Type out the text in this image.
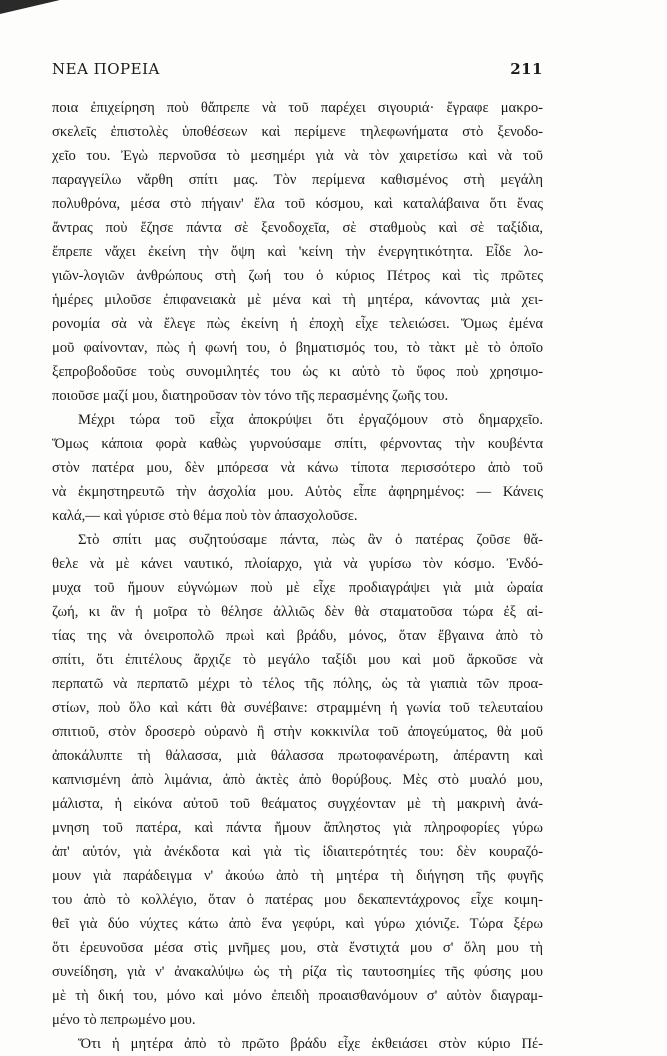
ΝΕΑ ΠΟΡΕΙΑ	211
ποια ἐπιχείρηση ποὺ θἄπρεπε νὰ τοῦ παρέχει σιγουριά· ἔγραφε μακρο-
σκελεῖς ἐπιστολὲς ὑποθέσεων καὶ περίμενε τηλεφωνήματα στὸ ξενοδο-
χεῖο του. Ἐγὼ περνοῦσα τὸ μεσημέρι γιὰ νὰ τὸν χαιρετίσω καὶ νὰ τοῦ
παραγγείλω νἄρθη σπίτι μας. Τὸν περίμενα καθισμένος στὴ μεγάλη
πολυθρόνα, μέσα στὸ πήγαιν' ἔλα τοῦ κόσμου, καὶ καταλάβαινα ὅτι ἕνας
ἄντρας ποὺ ἔζησε πάντα σὲ ξενοδοχεῖα, σὲ σταθμοὺς καὶ σὲ ταξίδια,
ἔπρεπε νἄχει ἐκείνη τὴν ὄψη καὶ 'κείνη τὴν ἐνεργητικότητα. Εἶδε λο-
γιῶν-λογιῶν ἀνθρώπους στὴ ζωή του ὁ κύριος Πέτρος καὶ τὶς πρῶτες
ἡμέρες μιλοῦσε ἐπιφανειακὰ μὲ μένα καὶ τὴ μητέρα, κάνοντας μιὰ χει-
ρονομία σὰ νὰ ἔλεγε πὼς ἐκείνη ἡ ἐποχὴ εἶχε τελειώσει. Ὅμως ἐμένα
μοῦ φαίνονταν, πὼς ἡ φωνή του, ὁ βηματισμός του, τὸ τὰκτ μὲ τὸ ὁποῖο
ξεπροβοδοῦσε τοὺς συνομιλητές του ὡς κι αὐτὸ τὸ ὕφος ποὺ χρησιμο-
ποιοῦσε μαζί μου, διατηροῦσαν τὸν τόνο τῆς περασμένης ζωῆς του.
Μέχρι τώρα τοῦ εἶχα ἀποκρύψει ὅτι ἐργαζόμουν στὸ δημαρχεῖο.
Ὅμως κάποια φορὰ καθὼς γυρνούσαμε σπίτι, φέρνοντας τὴν κουβέντα
στὸν πατέρα μου, δὲν μπόρεσα νὰ κάνω τίποτα περισσότερο ἀπὸ τοῦ
νὰ ἐκμηστηρευτῶ τὴν ἀσχολία μου. Αὐτὸς εἶπε ἀφηρημένος: — Κάνεις
καλά,— καὶ γύρισε στὸ θέμα ποὺ τὸν ἀπασχολοῦσε.
Στὸ σπίτι μας συζητούσαμε πάντα, πὼς ἂν ὁ πατέρας ζοῦσε θἄ-
θελε νὰ μὲ κάνει ναυτικό, πλοίαρχο, γιὰ νὰ γυρίσω τὸν κόσμο. Ἐνδό-
μυχα τοῦ ἤμουν εὐγνώμων ποὺ μὲ εἶχε προδιαγράψει γιὰ μιὰ ὡραία
ζωή, κι ἂν ἡ μοῖρα τὸ θέλησε ἀλλιῶς δὲν θὰ σταματοῦσα τώρα ἐξ αἰ-
τίας της νὰ ὀνειροπολῶ πρωὶ καὶ βράδυ, μόνος, ὅταν ἔβγαινα ἀπὸ τὸ
σπίτι, ὅτι ἐπιτέλους ἄρχιζε τὸ μεγάλο ταξίδι μου καὶ μοῦ ἄρκοῦσε νὰ
περπατῶ νὰ περπατῶ μέχρι τὸ τέλος τῆς πόλης, ὡς τὰ γιαπιὰ τῶν προα-
στίων, ποὺ ὅλο καὶ κάτι θὰ συνέβαινε: στραμμένη ἡ γωνία τοῦ τελευταίου
σπιτιοῦ, στὸν δροσερὸ οὐρανὸ ἢ στὴν κοκκινίλα τοῦ ἀπογεύματος, θὰ μοῦ
ἀποκάλυπτε τὴ θάλασσα, μιὰ θάλασσα πρωτοφανέρωτη, ἀπέραντη καὶ
καπνισμένη ἀπὸ λιμάνια, ἀπὸ ἀκτὲς ἀπὸ θορύβους. Μὲς στὸ μυαλό μου,
μάλιστα, ἡ εἰκόνα αὐτοῦ τοῦ θεάματος συγχέονταν μὲ τὴ μακρινὴ ἀνά-
μνηση τοῦ πατέρα, καὶ πάντα ἤμουν ἄπληστος γιὰ πληροφορίες γύρω
ἀπ' αὐτόν, γιὰ ἀνέκδοτα καὶ γιὰ τὶς ἰδιαιτερότητές του: δὲν κουραζό-
μουν γιὰ παράδειγμα ν' ἀκούω ἀπὸ τὴ μητέρα τὴ διήγηση τῆς φυγῆς
του ἀπὸ τὸ κολλέγιο, ὅταν ὁ πατέρας μου δεκαπεντάχρονος εἶχε κοιμη-
θεῖ γιὰ δύο νύχτες κάτω ἀπὸ ἕνα γεφύρι, καὶ γύρω χιόνιζε. Τώρα ξέρω
ὅτι ἐρευνοῦσα μέσα στὶς μνῆμες μου, στὰ ἔνστιχτά μου σ' ὅλη μου τὴ
συνείδηση, γιὰ ν' ἀνακαλύψω ὡς τὴ ρίζα τὶς ταυτοσημίες τῆς φύσης μου
μὲ τὴ δική του, μόνο καὶ μόνο ἐπειδὴ προαισθανόμουν σ' αὐτὸν διαγραμ-
μένο τὸ πεπρωμένο μου.
Ὅτι ἡ μητέρα ἀπὸ τὸ πρῶτο βράδυ εἶχε ἐκθειάσει στὸν κύριο Πέ-
